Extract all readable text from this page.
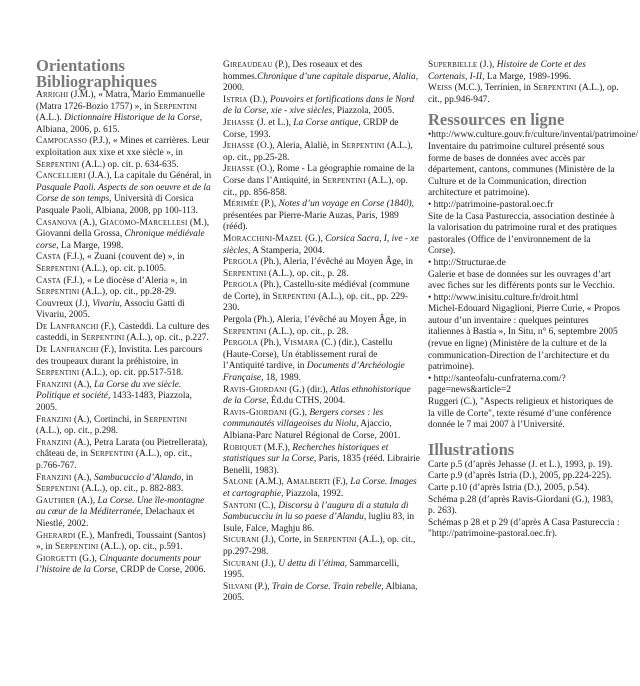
Orientations Bibliographiques

Arrighi (J.M.), « Matra, Mario Emmanuelle (Matra 1726-Bozio 1757) », in Serpentini (A.L.). Dictionnaire Historique de la Corse, Albiana, 2006, p. 615.

Campocasso (P.J.), « Mines et carrières. Leur exploitation aux xixe et xxe siècle », in Serpentini (A.L.) op. cit. p. 634-635.

Cancellieri (J.A.), La capitale du Général, in Pasquale Paoli. Aspects de son oeuvre et de la Corse de son temps, Università di Corsica Pasquale Paoli, Albiana, 2008, pp 100-113.

Casanova (A.), Giacomo-Marcellesi (M.), Giovanni della Grossa, Chronique médiévale corse, La Marge, 1998.

Casta (F.J.), « Zuani (couvent de) », in Serpentini (A.L.), op. cit. p.1005.

Casta (F.J.), « Le diocèse d’Aleria », in Serpentini (A.L.), op. cit., pp.28-29.

Couvreux (J.), Vivariu, Associu Gatti di Vivariu, 2005.

De Lanfranchi (F.), Casteddi. La culture des casteddi, in Serpentini (A.L.), op. cit., p.227.

De Lanfranchi (F.), Invistita. Les parcours des troupeaux durant la préhistoire, in Serpentini (A.L.), op. cit. pp.517-518.

Franzini (A.), La Corse du xve siècle. Politique et société, 1433-1483, Piazzola, 2005.

Franzini (A.), Cortinchi, in Serpentini (A.L.), op. cit., p.298.

Franzini (A.), Petra Larata (ou Pietrellerata), château de, in Serpentini (A.L.), op. cit., p.766-767.

Franzini (A.), Sambucuccio d’Alando, in Serpentini (A.L.), op. cit., p. 882-883.

Gauthier (A.), La Corse. Une île-montagne au cœur de la Méditerranée, Delachaux et Niestlé, 2002.

Gherardi (E.), Manfredi, Toussaint (Santos) », in Serpentini (A.L.), op. cit., p.591.

Giorgetti (G.), Cinquante documents pour l’histoire de la Corse, CRDP de Corse, 2006.

Gireaudeau (P.), Des roseaux et des hommes.Chronique d’une capitale disparue, Alalia, 2000.

Istria (D.), Pouvoirs et fortifications dans le Nord de la Corse, xie - xive siècles, Piazzola, 2005.

Jehasse (J. et L.), La Corse antique, CRDP de Corse, 1993.

Jehasse (O.), Aleria, Alaliè, in Serpentini (A.L.), op. cit., pp.25-28.

Jehasse (O.), Rome - La géographie romaine de la Corse dans l’Antiquité, in Serpentini (A.L.), op. cit., pp. 856-858.

Mérimée (P.), Notes d’un voyage en Corse (1840), présentées par Pierre-Marie Auzas, Paris, 1989 (rééd).

Moracchini-Mazel (G.), Corsica Sacra, I, ive - xe siècles, A Stamperia, 2004.

Pergola (Ph.), Aleria, l’évêché au Moyen Âge, in Serpentini (A.L.), op. cit., p. 28.

Pergola (Ph.), Castellu-site médiéval (commune de Corte), in Serpentini (A.L.), op. cit., pp. 229-230.

Pergola (Ph.), Aleria, l’évêché au Moyen Âge, in Serpentini (A.L.), op. cit., p. 28.

Pergola (Ph.), Vismara (C.) (dir.), Castellu (Haute-Corse), Un établissement rural de l’Antiquité tardive, in Documents d’Archéologie Française, 18, 1989.

Ravis-Giordani (G.) (dir.), Atlas ethnohistorique de la Corse, Éd.du CTHS, 2004.

Ravis-Giordani (G.), Bergers corses : les communautés villageoises du Niolu, Ajaccio, Albiana-Parc Naturel Régional de Corse, 2001.

Robiquet (M.F.), Recherches historiques et statistiques sur la Corse, Paris, 1835 (rééd. Librairie Benelli, 1983).

Salone (A.M.), Amalberti (F.), La Corse. Images et cartographie, Piazzola, 1992.

Santoni (C.), Discorsu à l’augura di a statula di Sambucuccìu in lu so paese d’Alandu, lugliu 83, in Isule, Falce, Maghju 86.

Sicurani (J.), Corte, in Serpentini (A.L.), op. cit., pp.297-298.

Sicurani (J.), U dettu di l’étima, Sammarcelli, 1995.

Silvani (P.), Train de Corse. Train rebelle, Albiana, 2005.

Superbielle (J.), Histoire de Corte et des Cortenais, I-II, La Marge, 1989-1996.

Weiss (M.C.), Terrinien, in Serpentini (A.L.), op. cit., pp.946-947.

Ressources en ligne

•http://www.culture.gouv.fr/culture/inventai/patrimoine/

Inventaire du patrimoine culturel présenté sous forme de bases de données avec accès par département, cantons, communes (Ministère de la Culture et de la Communication, direction architecture et patrimoine).

• http://patrimoine-pastoral.oec.fr

Site de la Casa Pastureccia, association destinée à la valorisation du patrimoine rural et des pratiques pastorales (Office de l’environnement de la Corse).

• http://Structurae.de

Galerie et base de données sur les ouvrages d’art avec fiches sur les différents ponts sur le Vecchio.

• http://www.inisitu.culture.fr/droit.html

Michel-Edouard Nigaglioni, Pierre Curie, « Propos autour d’un inventaire : quelques peintures italiennes à Bastia », In Situ, n° 6, septembre 2005 (revue en ligne) (Ministère de la culture et de la communication-Direction de l’architecture et du patrimoine).

• http://santeofalu-cunfraterna.com/?page=news&article=2

Ruggeri (C.), "Aspects religieux et historiques de la ville de Corte", texte résumé d’une conférence donnée le 7 mai 2007 à l’Université.

Illustrations

Carte p.5 (d’après Jehasse (J. et L.), 1993, p. 19).

Carte p.9 (d’après Istria (D.), 2005, pp.224-225).

Carte p.10 (d’après Istria (D.), 2005, p.54).

Schéma p.28 (d’après Ravis-Giordani (G.), 1983, p. 263).

Schémas p 28 et p 29 (d’après A Casa Pastureccia : "http://patrimoine-pastoral.oec.fr).
